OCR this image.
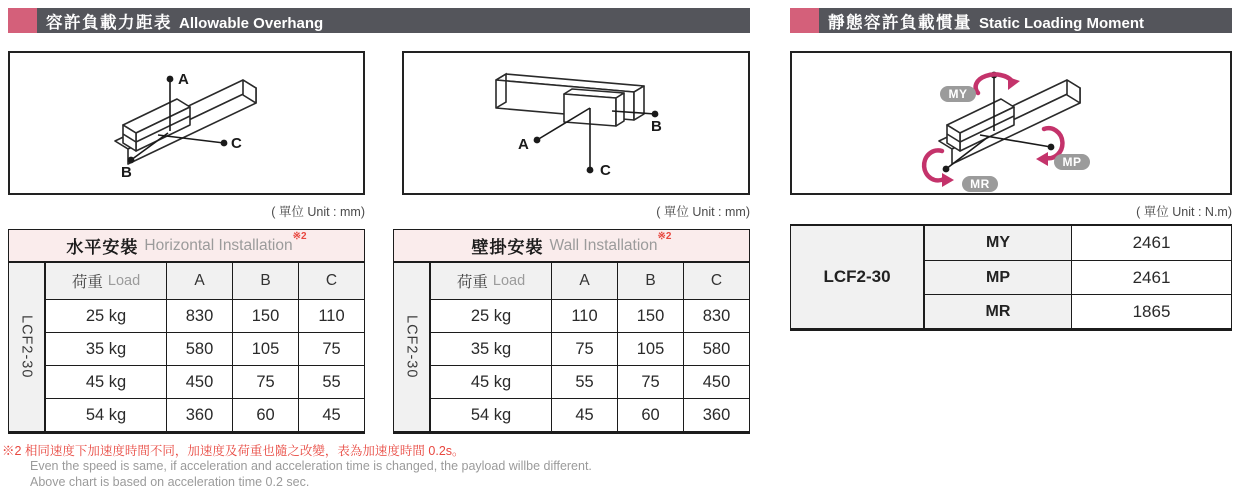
容許負載力距表 Allowable Overhang	靜態容許負載慣量 Static Loading Moment
A
B
C	A
B
C
MY
MP
MR
( 單位 Unit : mm)	( 單位 Unit : mm)	( 單位 Unit : N.m)
水平安裝 Horizontal Installation$^{※2}$
LCF2-30
荷重 Load	A	B	C
25 kg	830	150	110
35 kg	580	105	75
45 kg	450	75	55
54 kg	360	60	45
壁掛安裝 Wall Installation$^{※2}$
LCF2-30
荷重 Load	A	B	C
25 kg	110	150	830
35 kg	75	105	580
45 kg	55	75	450
54 kg	45	60	360
LCF2-30
MY	2461
MP	2461
MR	1865
※2 相同速度下加速度時間不同，加速度及荷重也隨之改變，表為加速度時間 0.2s。
Even the speed is same, if acceleration and acceleration time is changed, the payload willbe different.
Above chart is based on acceleration time 0.2 sec.
